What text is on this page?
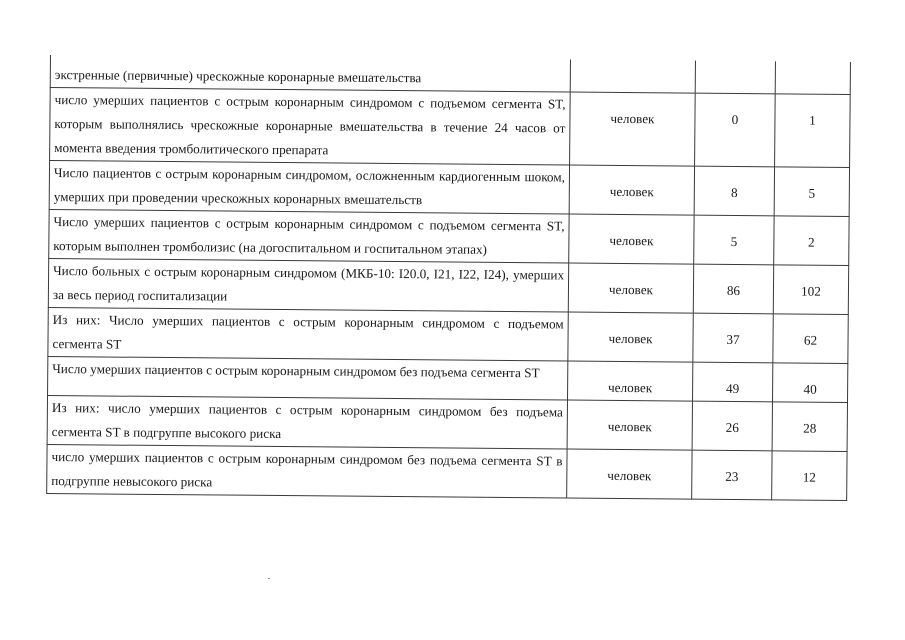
экстренные (первичные) чрескожные коронарные вмешательства			
число умерших пациентов с острым коронарным синдромом с подъемом сегмента ST, которым выполнялись чрескожные коронарные вмешательства в течение 24 часов от момента введения тромболитического препарата	человек	0	1
Число пациентов с острым коронарным синдромом, осложненным кардиогенным шоком, умерших при проведении чрескожных коронарных вмешательств	человек	8	5
Число умерших пациентов с острым коронарным синдромом с подъемом сегмента ST, которым выполнен тромболизис (на догоспитальном и госпитальном этапах)	человек	5	2
Число больных с острым коронарным синдромом (МКБ-10: I20.0, I21, I22, I24), умерших за весь период госпитализации	человек	86	102
Из них: Число умерших пациентов с острым коронарным синдромом с подъемом сегмента ST	человек	37	62
Число умерших пациентов с острым коронарным синдромом без подъема сегмента ST	человек	49	40
Из них: число умерших пациентов с острым коронарным синдромом без подъема сегмента ST в подгруппе высокого риска	человек	26	28
число умерших пациентов с острым коронарным синдромом без подъема сегмента ST в подгруппе невысокого риска	человек	23	12
